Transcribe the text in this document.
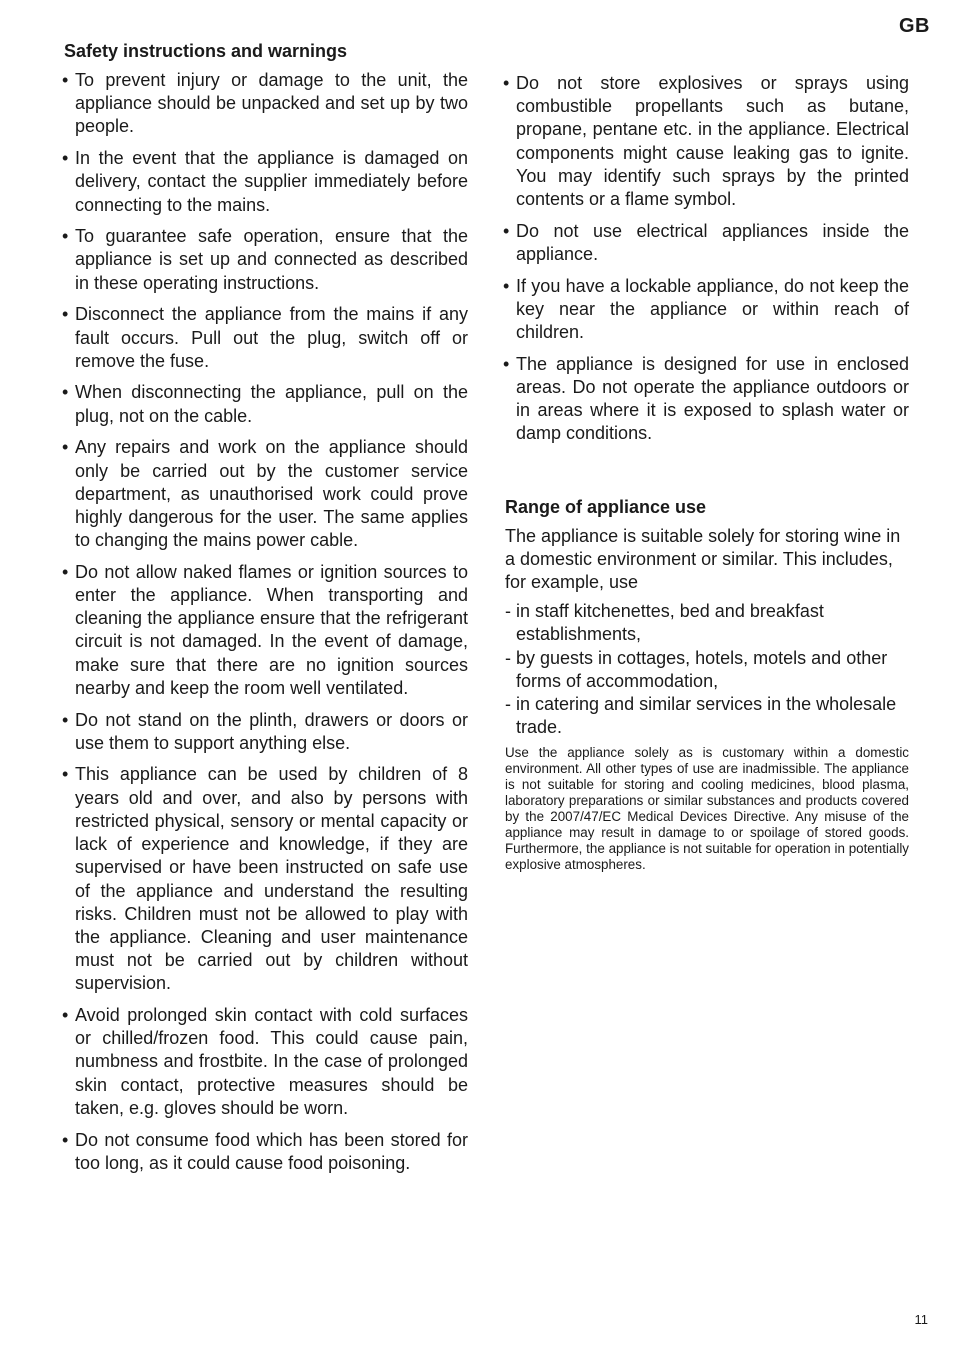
GB
Safety instructions and warnings
• To prevent injury or damage to the unit, the appliance should be unpacked and set up by two people.
• In the event that the appliance is damaged on delivery, contact the supplier immediately before connecting to the mains.
• To guarantee safe operation, ensure that the appliance is set up and connected as described in these operating instructions.
• Disconnect the appliance from the mains if any fault occurs. Pull out the plug, switch off or remove the fuse.
• When disconnecting the appliance, pull on the plug, not on the cable.
• Any repairs and work on the appliance should only be carried out by the customer service department, as unauthorised work could prove highly dangerous for the user. The same applies to changing the mains power cable.
• Do not allow naked flames or ignition sources to enter the appliance. When transporting and cleaning the appliance ensure that the refrigerant circuit is not damaged. In the event of damage, make sure that there are no ignition sources nearby and keep the room well ventilated.
• Do not stand on the plinth, drawers or doors or use them to support anything else.
• This appliance can be used by children of 8 years old and over, and also by persons with restricted physical, sensory or mental capacity or lack of experience and knowledge, if they are supervised or have been instructed on safe use of the appliance and understand the resulting risks. Children must not be allowed to play with the appliance. Cleaning and user maintenance must not be carried out by children without supervision.
• Avoid prolonged skin contact with cold surfaces or chilled/frozen food. This could cause pain, numbness and frostbite. In the case of prolonged skin contact, protective measures should be taken, e.g. gloves should be worn.
• Do not consume food which has been stored for too long, as it could cause food poisoning.
• Do not store explosives or sprays using combustible propellants such as butane, propane, pentane etc. in the appliance. Electrical components might cause leaking gas to ignite. You may identify such sprays by the printed contents or a flame symbol.
• Do not use electrical appliances inside the appliance.
• If you have a lockable appliance, do not keep the key near the appliance or within reach of children.
• The appliance is designed for use in enclosed areas. Do not operate the appliance outdoors or in areas where it is exposed to splash water or damp conditions.
Range of appliance use

The appliance is suitable solely for storing wine in a domestic environment or similar. This includes, for example, use

- in staff kitchenettes, bed and breakfast establishments,
- by guests in cottages, hotels, motels and other forms of accommodation,
- in catering and similar services in the wholesale trade.

Use the appliance solely as is customary within a domestic environment. All other types of use are inadmissible. The appliance is not suitable for storing and cooling medicines, blood plasma, laboratory preparations or similar substances and products covered by the 2007/47/EC Medical Devices Directive. Any misuse of the appliance may result in damage to or spoilage of stored goods. Furthermore, the appliance is not suitable for operation in potentially explosive atmospheres.

11
